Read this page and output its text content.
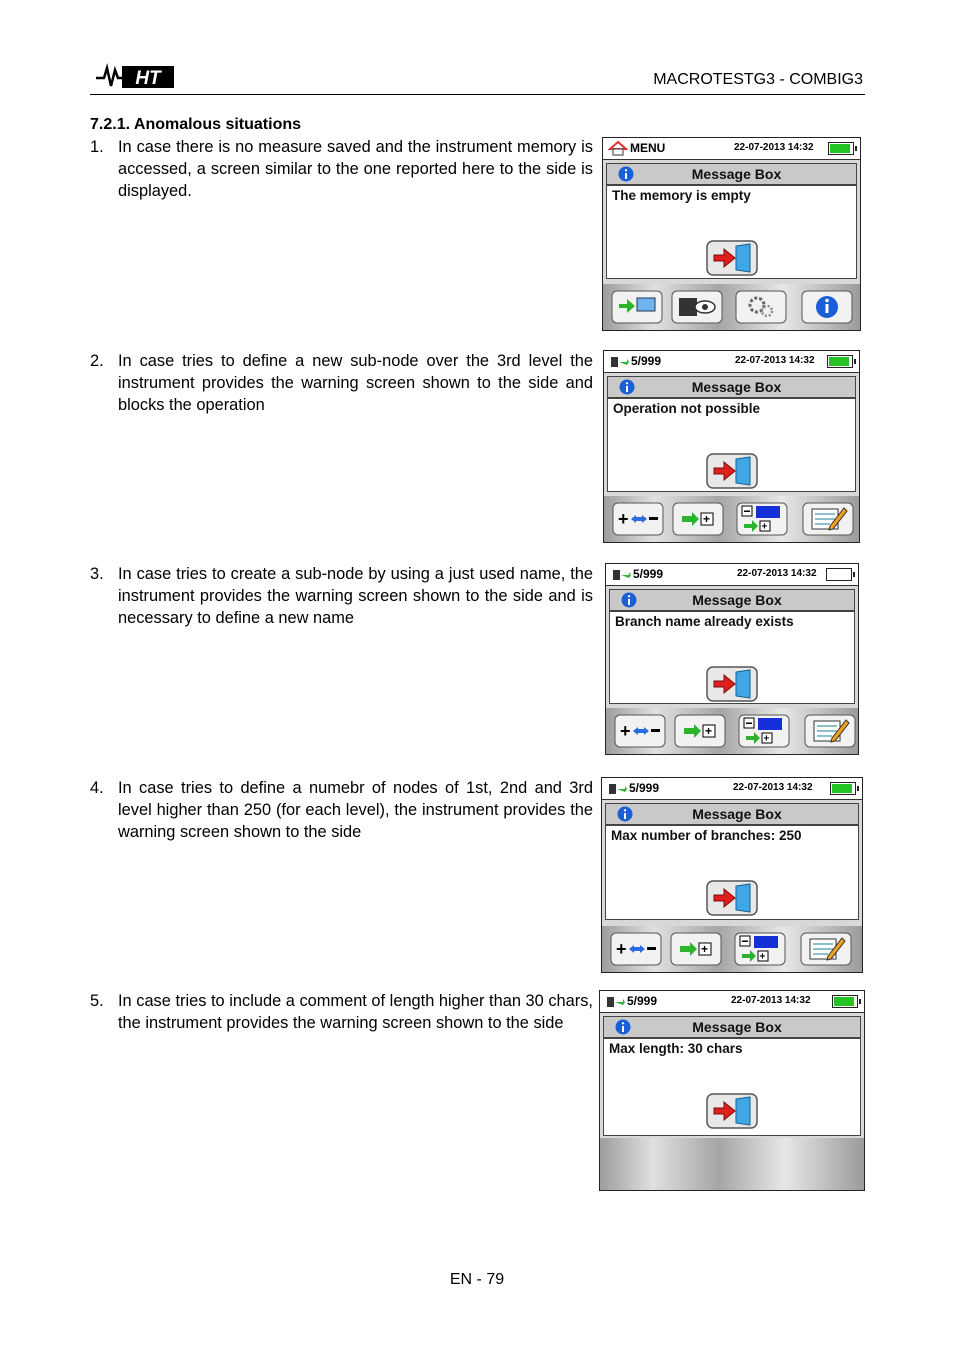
HT	MACROTESTG3 - COMBIG3
7.2.1. Anomalous situations
1. In case there is no measure saved and the instrument memory is accessed, a screen similar to the one reported here to the side is displayed.
2. In case tries to define a new sub-node over the 3rd level the instrument provides the warning screen shown to the side and blocks the operation
3. In case tries to create a sub-node by using a just used name, the instrument provides the warning screen shown to the side and is necessary to define a new name
4. In case tries to define a numebr of nodes of 1st, 2nd and 3rd level higher than 250 (for each level), the instrument provides the warning screen shown to the side
5. In case tries to include a comment of length higher than 30 chars, the instrument provides the warning screen shown to the side
MENU	22-07-2013 14:32
Message Box
The memory is empty
5/999	22-07-2013 14:32
Message Box
Operation not possible
+	+
+
5/999	22-07-2013 14:32
Message Box
Branch name already exists
+	+
+
5/999	22-07-2013 14:32
Message Box
Max number of branches: 250
+	+
+
5/999	22-07-2013 14:32
Message Box
Max length: 30 chars
EN - 79
